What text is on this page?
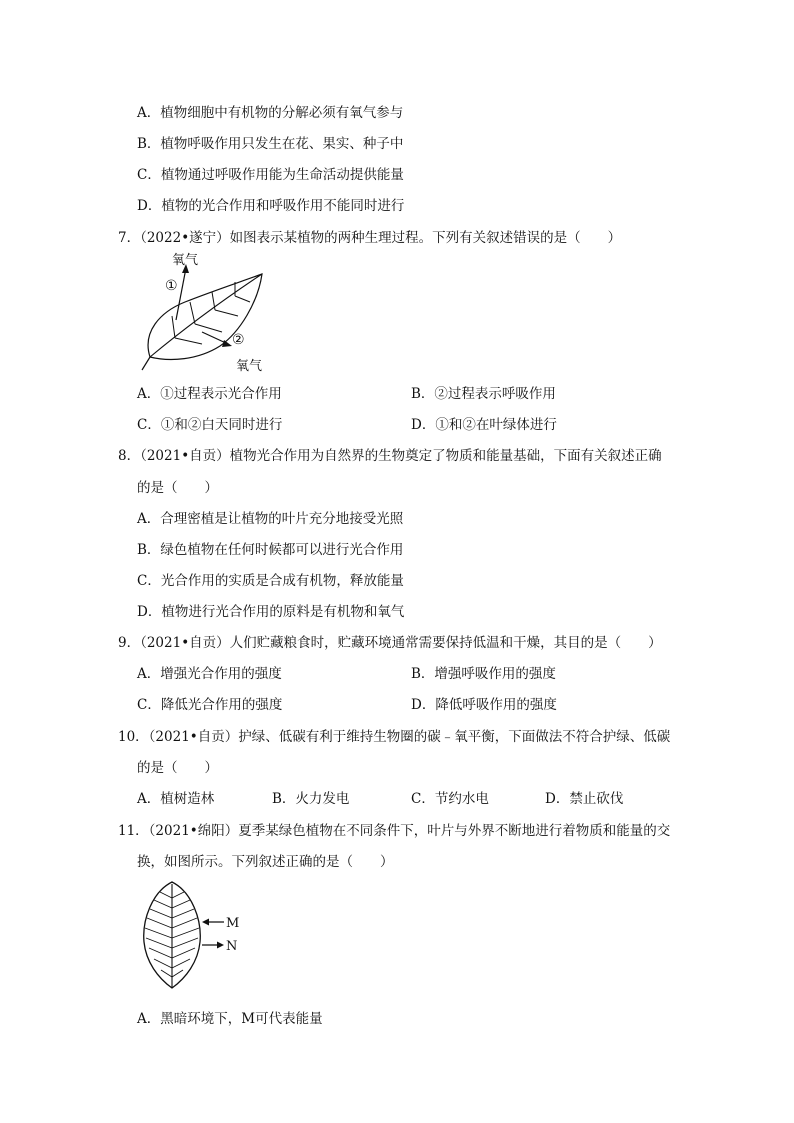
A．植物细胞中有机物的分解必须有氧气参与
B．植物呼吸作用只发生在花、果实、种子中
C．植物通过呼吸作用能为生命活动提供能量
D．植物的光合作用和呼吸作用不能同时进行
7．（2022•遂宁）如图表示某植物的两种生理过程。下列有关叙述错误的是（　　）
氧气
①
②
氧气
A．①过程表示光合作用	B．②过程表示呼吸作用
C．①和②白天同时进行	D．①和②在叶绿体进行
8．（2021•自贡）植物光合作用为自然界的生物奠定了物质和能量基础，下面有关叙述正确
的是（　　）
A．合理密植是让植物的叶片充分地接受光照
B．绿色植物在任何时候都可以进行光合作用
C．光合作用的实质是合成有机物，释放能量
D．植物进行光合作用的原料是有机物和氧气
9．（2021•自贡）人们贮藏粮食时，贮藏环境通常需要保持低温和干燥，其目的是（　　）
A．增强光合作用的强度	B．增强呼吸作用的强度
C．降低光合作用的强度	D．降低呼吸作用的强度
10．（2021•自贡）护绿、低碳有利于维持生物圈的碳﹣氧平衡，下面做法不符合护绿、低碳
的是（　　）
A．植树造林	B．火力发电	C．节约水电	D．禁止砍伐
11．（2021•绵阳）夏季某绿色植物在不同条件下，叶片与外界不断地进行着物质和能量的交
换，如图所示。下列叙述正确的是（　　）
M
N
A．黑暗环境下，M可代表能量
